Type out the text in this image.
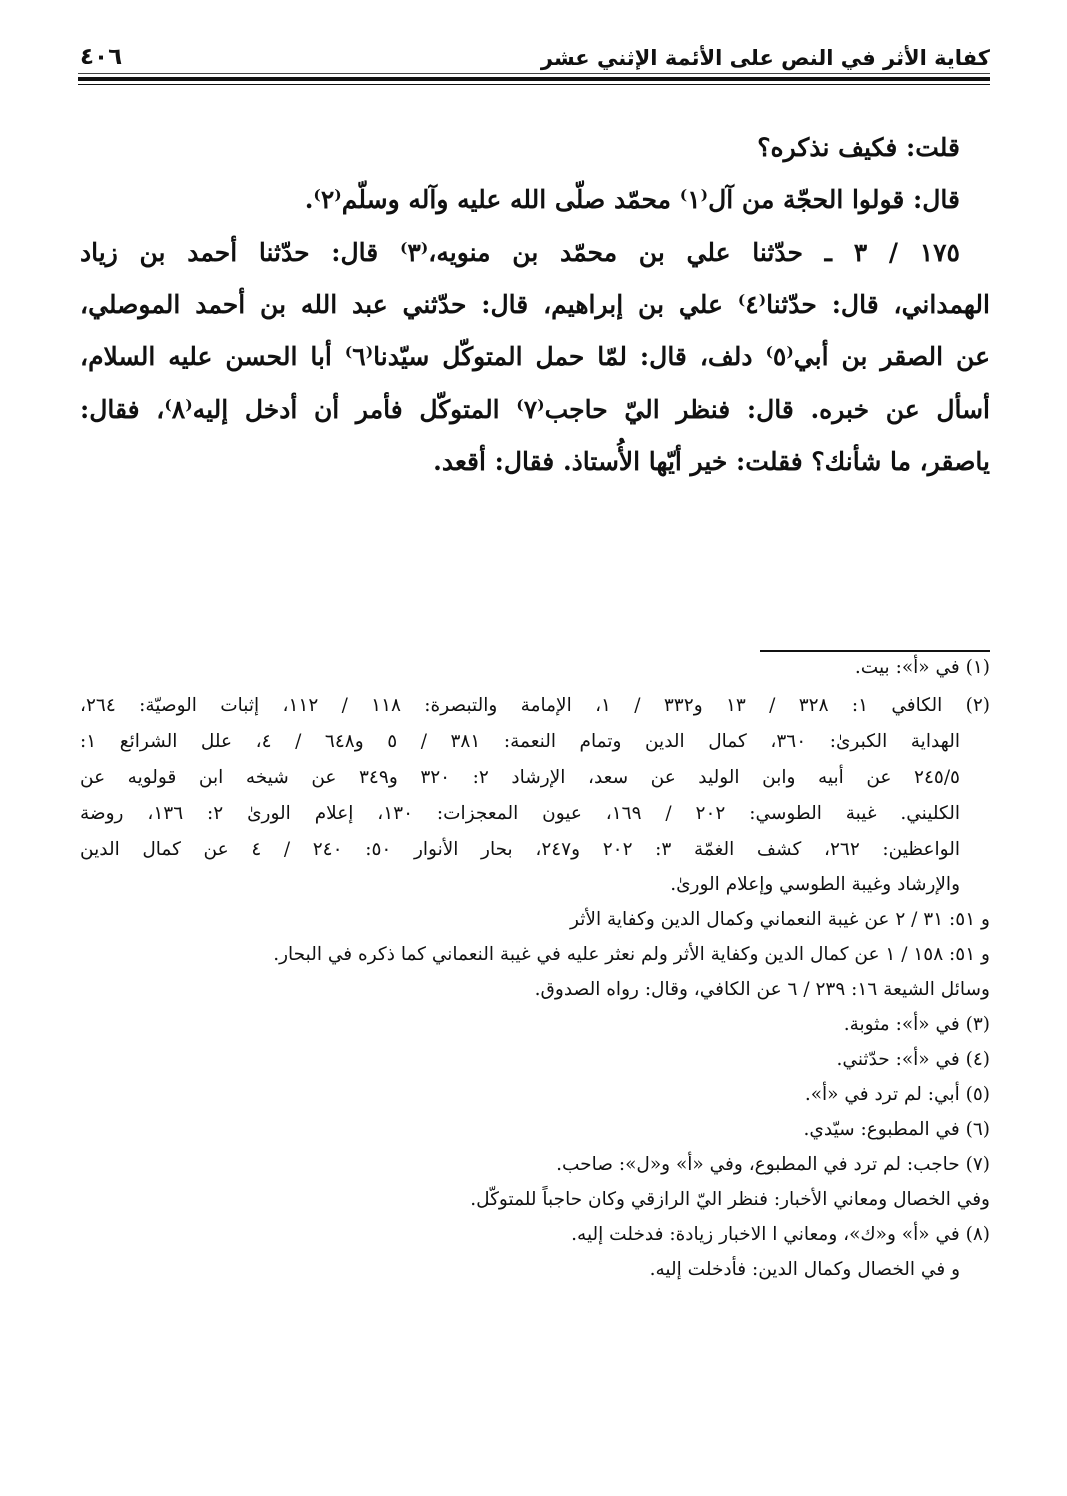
كفاية الأثر في النص على الأئمة الإثني عشر
٤٠٦
قلت: فكيف نذكره؟
قال: قولوا الحجّة من آل⁽١⁾ محمّد صلّى الله عليه وآله وسلّم⁽٢⁾.
١٧٥ / ٣ ـ حدّثنا علي بن محمّد بن منويه،⁽٣⁾ قال: حدّثنا أحمد بن زياد
الهمداني، قال: حدّثنا⁽٤⁾ علي بن إبراهيم، قال: حدّثني عبد الله بن أحمد الموصلي،
عن الصقر بن أبي⁽٥⁾ دلف، قال: لمّا حمل المتوكّل سيّدنا⁽٦⁾ أبا الحسن عليه السلام،
أسأل عن خبره. قال: فنظر اليّ حاجب⁽٧⁾ المتوكّل فأمر أن أدخل إليه⁽٨⁾، فقال:
ياصقر، ما شأنك؟ فقلت: خير أيّها الأُستاذ. فقال: أقعد.
(١) في «أ»: بيت.
(٢) الكافي ١: ٣٢٨ / ١٣ و٣٣٢ / ١، الإمامة والتبصرة: ١١٨ / ١١٢، إثبات الوصيّة: ٢٦٤،
الهداية الكبرىٰ: ٣٦٠، كمال الدين وتمام النعمة: ٣٨١ / ٥ و٦٤٨ / ٤، علل الشرائع ١:
٢٤٥/٥ عن أبيه وابن الوليد عن سعد، الإرشاد ٢: ٣٢٠ و٣٤٩ عن شيخه ابن قولويه عن
الكليني. غيبة الطوسي: ٢٠٢ / ١٦٩، عيون المعجزات: ١٣٠، إعلام الورىٰ ٢: ١٣٦، روضة
الواعظين: ٢٦٢، كشف الغمّة ٣: ٢٠٢ و٢٤٧، بحار الأنوار ٥٠: ٢٤٠ / ٤ عن كمال الدين
والإرشاد وغيبة الطوسي وإعلام الورىٰ.
و ٥١: ٣١ / ٢ عن غيبة النعماني وكمال الدين وكفاية الأثر
و ٥١: ١٥٨ / ١ عن كمال الدين وكفاية الأثر ولم نعثر عليه في غيبة النعماني كما ذكره في البحار.
وسائل الشيعة ١٦: ٢٣٩ / ٦ عن الكافي، وقال: رواه الصدوق.
(٣) في «أ»: مثوبة.
(٤) في «أ»: حدّثني.
(٥) أبي: لم ترد في «أ».
(٦) في المطبوع: سيّدي.
(٧) حاجب: لم ترد في المطبوع، وفي «أ» و«ل»: صاحب.
وفي الخصال ومعاني الأخبار: فنظر اليّ الرازقي وكان حاجباً للمتوكّل.
(٨) في «أ» و«ك»، ومعاني ا الاخبار زيادة: فدخلت إليه.
و في الخصال وكمال الدين: فأدخلت إليه.
